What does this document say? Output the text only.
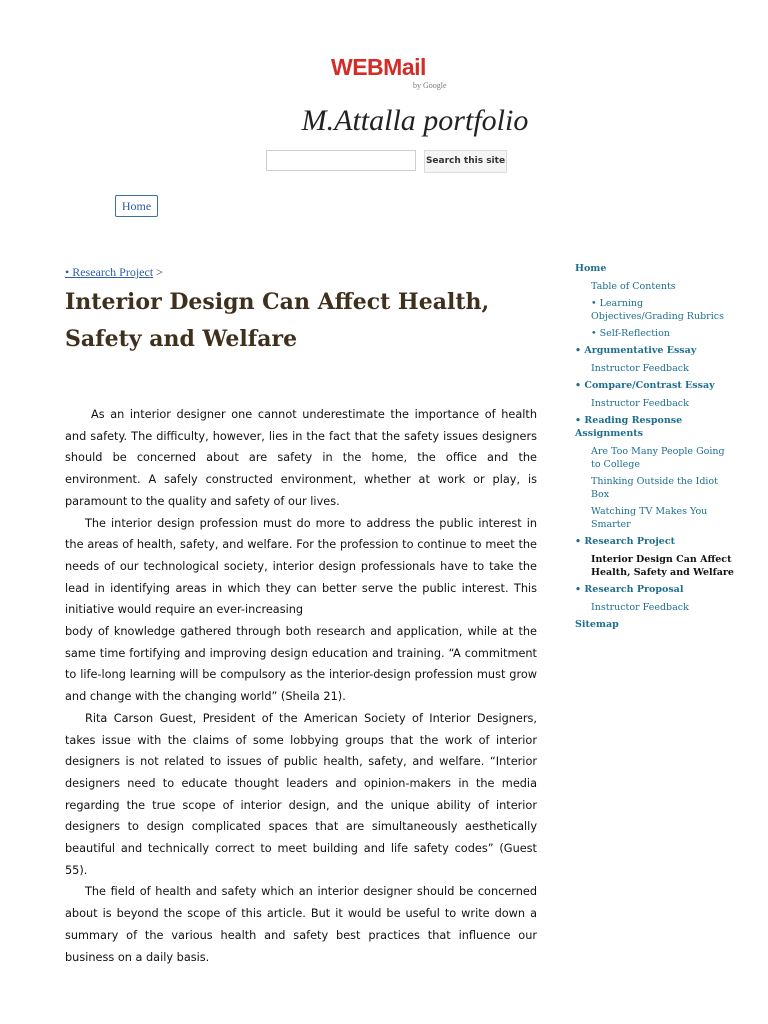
WEBMail
by Google
M.Attalla portfolio
Search this site
Home
• Research Project >
Interior Design Can Affect Health, Safety and Welfare

As an interior designer one cannot underestimate the importance of health and safety. The difficulty, however, lies in the fact that the safety issues designers should be concerned about are safety in the home, the office and the environment. A safely constructed environment, whether at work or play, is paramount to the quality and safety of our lives.

The interior design profession must do more to address the public interest in the areas of health, safety, and welfare. For the profession to continue to meet the needs of our technological society, interior design professionals have to take the lead in identifying areas in which they can better serve the public interest. This initiative would require an ever-increasing

body of knowledge gathered through both research and application, while at the same time fortifying and improving design education and training. “A commitment to life-long learning will be compulsory as the interior-design profession must grow and change with the changing world” (Sheila 21).

Rita Carson Guest, President of the American Society of Interior Designers, takes issue with the claims of some lobbying groups that the work of interior designers is not related to issues of public health, safety, and welfare. “Interior designers need to educate thought leaders and opinion-makers in the media regarding the true scope of interior design, and the unique ability of interior designers to design complicated spaces that are simultaneously aesthetically beautiful and technically correct to meet building and life safety codes” (Guest 55).

The field of health and safety which an interior designer should be concerned about is beyond the scope of this article. But it would be useful to write down a summary of the various health and safety best practices that influence our business on a daily basis.

Home
Table of Contents
• Learning Objectives/Grading Rubrics
• Self-Reflection
• Argumentative Essay
Instructor Feedback
• Compare/Contrast Essay
Instructor Feedback
• Reading Response Assignments
Are Too Many People Going to College
Thinking Outside the Idiot Box
Watching TV Makes You Smarter
• Research Project
Interior Design Can Affect Health, Safety and Welfare
• Research Proposal
Instructor Feedback
Sitemap
